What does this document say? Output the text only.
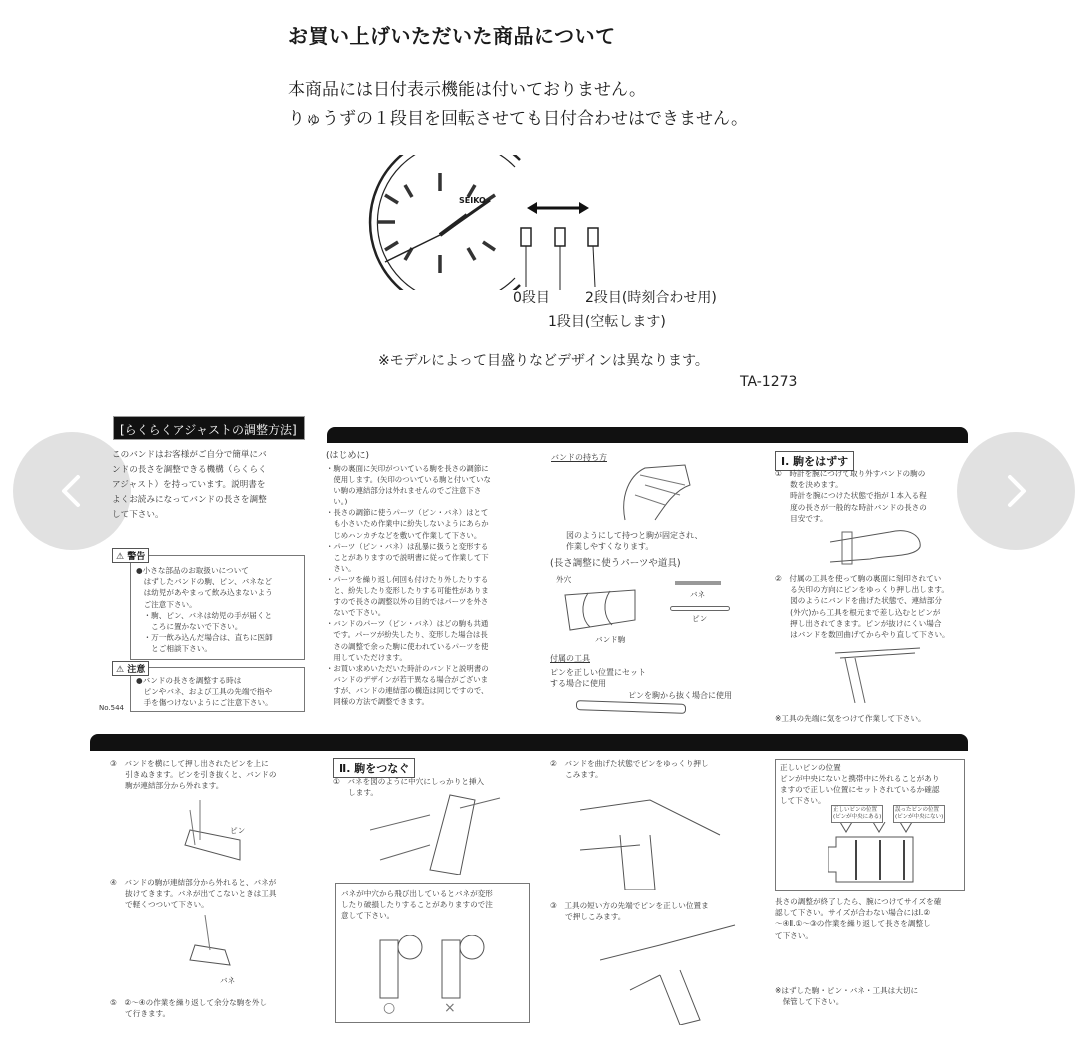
お買い上げいただいた商品について
本商品には日付表示機能は付いておりません。
りゅうずの１段目を回転させても日付合わせはできません。
SEIKO
0段目	2段目(時刻合わせ用)
1段目(空転します)
※モデルによって目盛りなどデザインは異なります。
TA-1273
[らくらくアジャストの調整方法]
このバンドはお客様がご自分で簡単にバ
ンドの長さを調整できる機構（らくらく
アジャスト）を持っています。説明書を
よくお読みになってバンドの長さを調整
して下さい。
⚠ 警告
●小さな部品のお取扱いについて
　はずしたバンドの駒、ピン、バネなど
　は幼児があやまって飲み込まないよう
　ご注意下さい。
　・駒、ピン、バネは幼児の手が届くと
　　ころに置かないで下さい。
　・万一飲み込んだ場合は、直ちに医師
　　とご相談下さい。
⚠ 注意
●バンドの長さを調整する時は
　ピンやバネ、および工具の先端で指や
　手を傷つけないようにご注意下さい。
No.544
(はじめに)
・駒の裏面に矢印がついている駒を長さの調節に
　使用します。(矢印のついている駒と付いていな
　い駒の連結部分は外れませんのでご注意下さ
　い。)
・長さの調節に使うパーツ（ピン・バネ）はとて
　も小さいため作業中に紛失しないようにあらか
　じめハンカチなどを敷いて作業して下さい。
・パーツ（ピン・バネ）は乱暴に扱うと変形する
　ことがありますので説明書に従って作業して下
　さい。
・パーツを繰り返し何回も付けたり外したりする
　と、紛失したり変形したりする可能性がありま
　すので長さの調整以外の目的ではパーツを外さ
　ないで下さい。
・バンドのパーツ（ピン・バネ）はどの駒も共通
　です。パーツが紛失したり、変形した場合は長
　さの調整で余った駒に使われているパーツを使
　用していただけます。
・お買い求めいただいた時計のバンドと説明書の
　バンドのデザインが若干異なる場合がございま
　すが、バンドの連結部の構造は同じですので、
　同様の方法で調整できます。
バンドの持ち方
図のようにして持つと駒が固定され、
作業しやすくなります。
(長さ調整に使うパーツや道具)
外穴
バンド駒
バネ
ピン
付属の工具
ピンを正しい位置にセット
する場合に使用
ピンを駒から抜く場合に使用
Ⅰ. 駒をはずす
①　時計を腕につけて取り外すバンドの駒の
　　数を決めます。
　　時計を腕につけた状態で指が１本入る程
　　度の長さが一般的な時計バンドの長さの
　　目安です。
②　付属の工具を使って駒の裏面に刻印されてい
　　る矢印の方向にピンをゆっくり押し出します。
　　図のようにバンドを曲げた状態で、連結部分
　　(外穴)から工具を根元まで差し込むとピンが
　　押し出されてきます。ピンが抜けにくい場合
　　はバンドを数回曲げてからやり直して下さい。
※工具の先端に気をつけて作業して下さい。
③　バンドを横にして押し出されたピンを上に
　　引きぬきます。ピンを引き抜くと、バンドの
　　駒が連結部分から外れます。
ピン
④　バンドの駒が連結部分から外れると、バネが
　　抜けてきます。バネが出てこないときは工具
　　で軽くつついて下さい。
バネ
⑤　②～④の作業を繰り返して余分な駒を外し
　　て行きます。
Ⅱ. 駒をつなぐ
①　バネを図のように中穴にしっかりと挿入
　　します。
バネが中穴から飛び出しているとバネが変形
したり破損したりすることがありますので注
意して下さい。
○	×
②　バンドを曲げた状態でピンをゆっくり押し
　　こみます。
③　工具の短い方の先端でピンを正しい位置ま
　　で押しこみます。
正しいピンの位置
ピンが中央にないと携帯中に外れることがあり
ますので正しい位置にセットされているか確認
して下さい。
正しいピンの位置
(ピンが中央にある)
誤ったピンの位置
(ピンが中央にない)
長さの調整が終了したら、腕につけてサイズを確
認して下さい。サイズが合わない場合にはⅠ.②
～④Ⅱ.①～③の作業を繰り返して長さを調整し
て下さい。
※はずした駒・ピン・バネ・工具は大切に
　保管して下さい。
